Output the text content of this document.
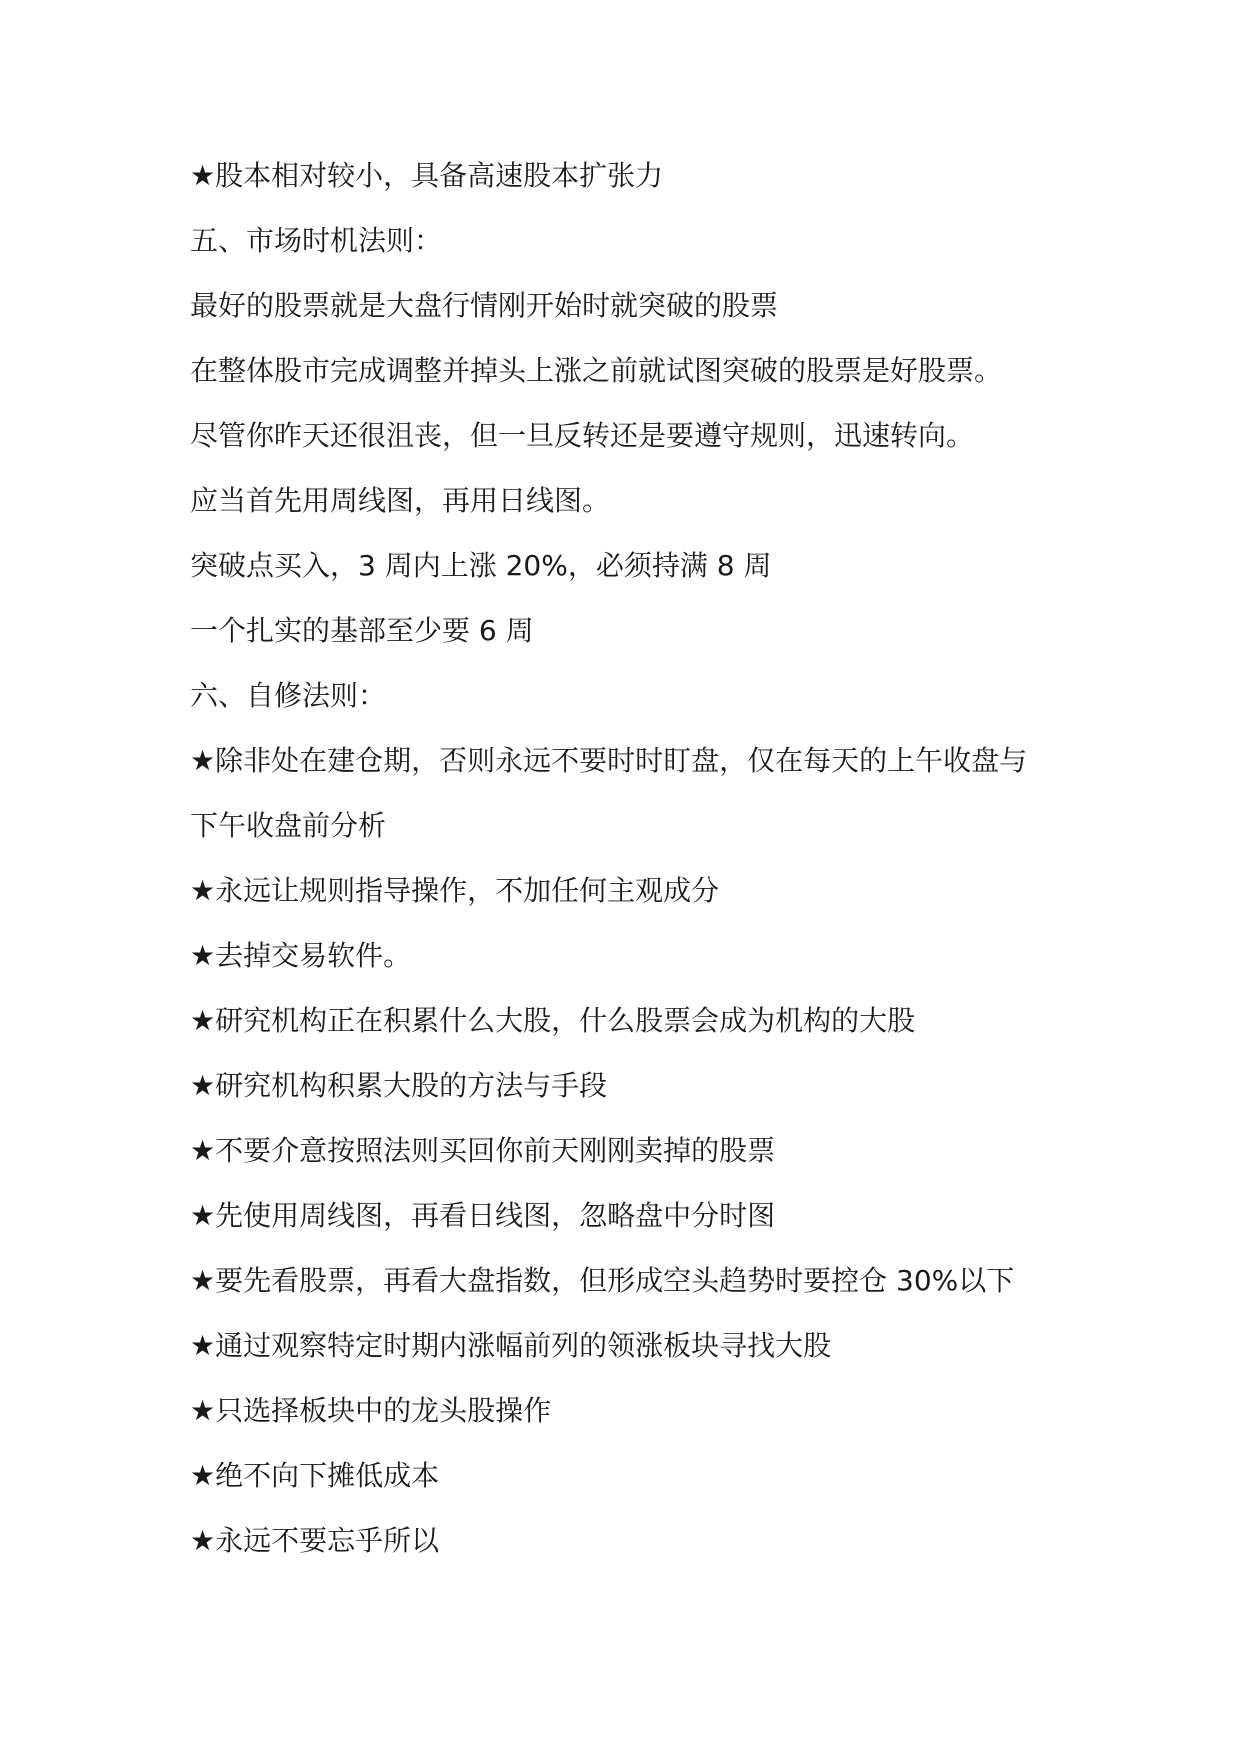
★股本相对较小，具备高速股本扩张力
五、市场时机法则：
最好的股票就是大盘行情刚开始时就突破的股票
在整体股市完成调整并掉头上涨之前就试图突破的股票是好股票。
尽管你昨天还很沮丧，但一旦反转还是要遵守规则，迅速转向。
应当首先用周线图，再用日线图。
突破点买入，3 周内上涨 20%，必须持满 8 周
一个扎实的基部至少要 6 周
六、自修法则：
★除非处在建仓期，否则永远不要时时盯盘，仅在每天的上午收盘与
下午收盘前分析
★永远让规则指导操作，不加任何主观成分
★去掉交易软件。
★研究机构正在积累什么大股，什么股票会成为机构的大股
★研究机构积累大股的方法与手段
★不要介意按照法则买回你前天刚刚卖掉的股票
★先使用周线图，再看日线图，忽略盘中分时图
★要先看股票，再看大盘指数，但形成空头趋势时要控仓 30%以下
★通过观察特定时期内涨幅前列的领涨板块寻找大股
★只选择板块中的龙头股操作
★绝不向下摊低成本
★永远不要忘乎所以
